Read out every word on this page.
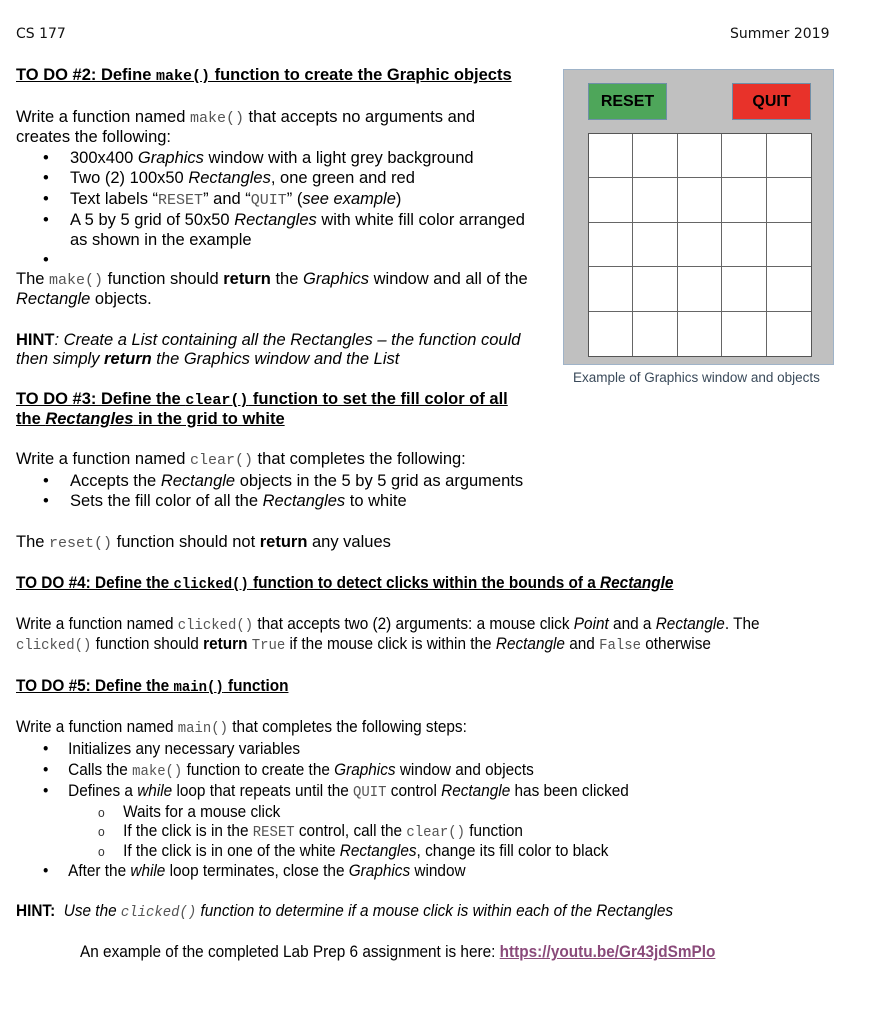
CS 177	Summer 2019
TO DO #2: Define make() function to create the Graphic objects
Write a function named make() that accepts no arguments and
creates the following:
• 300x400 Graphics window with a light grey background
• Two (2) 100x50 Rectangles, one green and red
• Text labels “RESET” and “QUIT” (see example)
• A 5 by 5 grid of 50x50 Rectangles with white fill color arranged
as shown in the example
•
The make() function should return the Graphics window and all of the
Rectangle objects.
HINT: Create a List containing all the Rectangles – the function could
then simply return the Graphics window and the List
TO DO #3: Define the clear() function to set the fill color of all
the Rectangles in the grid to white
Write a function named clear() that completes the following:
• Accepts the Rectangle objects in the 5 by 5 grid as arguments
• Sets the fill color of all the Rectangles to white
The reset() function should not return any values
TO DO #4: Define the clicked() function to detect clicks within the bounds of a Rectangle
Write a function named clicked() that accepts two (2) arguments: a mouse click Point and a Rectangle. The
clicked() function should return True if the mouse click is within the Rectangle and False otherwise
TO DO #5: Define the main() function
Write a function named main() that completes the following steps:
• Initializes any necessary variables
• Calls the make() function to create the Graphics window and objects
• Defines a while loop that repeats until the QUIT control Rectangle has been clicked
o Waits for a mouse click
o If the click is in the RESET control, call the clear() function
o If the click is in one of the white Rectangles, change its fill color to black
• After the while loop terminates, close the Graphics window
HINT: Use the clicked() function to determine if a mouse click is within each of the Rectangles
An example of the completed Lab Prep 6 assignment is here: https://youtu.be/Gr43jdSmPlo
RESET	QUIT
Example of Graphics window and objects
